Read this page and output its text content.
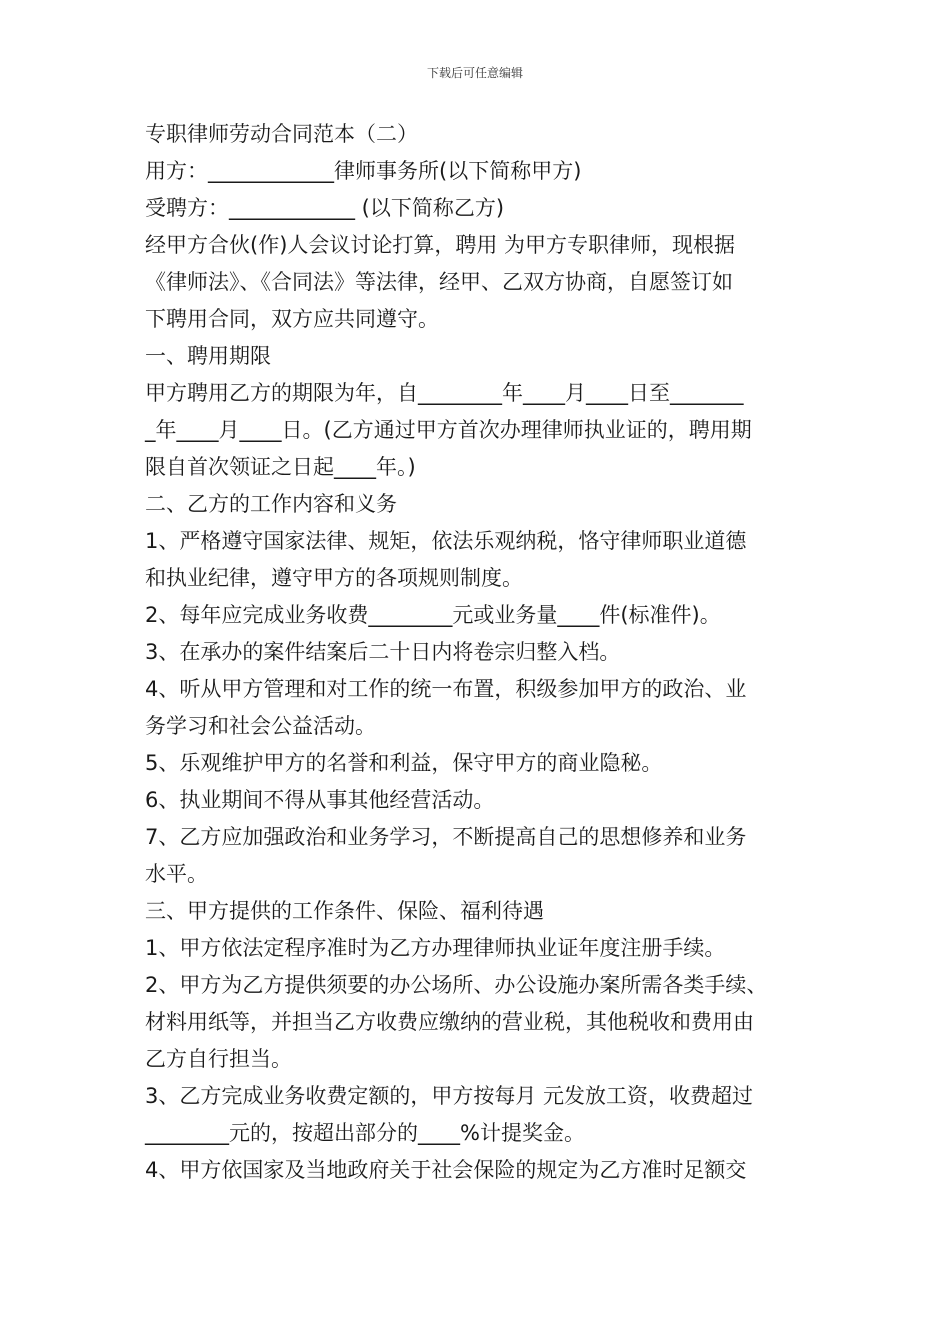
下载后可任意编辑

专职律师劳动合同范本（二）

用方：____________律师事务所(以下简称甲方)

受聘方：____________ (以下简称乙方)

经甲方合伙(作)人会议讨论打算，聘用 为甲方专职律师，现根据

《律师法》、《合同法》等法律，经甲、乙双方协商，自愿签订如

下聘用合同，双方应共同遵守。

一、聘用期限

甲方聘用乙方的期限为年，自________年____月____日至_______

_年____月____日。(乙方通过甲方首次办理律师执业证的，聘用期

限自首次领证之日起____年。)

二、乙方的工作内容和义务

1、严格遵守国家法律、规矩，依法乐观纳税，恪守律师职业道德

和执业纪律，遵守甲方的各项规则制度。

2、每年应完成业务收费________元或业务量____件(标准件)。

3、在承办的案件结案后二十日内将卷宗归整入档。

4、听从甲方管理和对工作的统一布置，积级参加甲方的政治、业

务学习和社会公益活动。

5、乐观维护甲方的名誉和利益，保守甲方的商业隐秘。

6、执业期间不得从事其他经营活动。

7、乙方应加强政治和业务学习，不断提高自己的思想修养和业务

水平。

三、甲方提供的工作条件、保险、福利待遇

1、甲方依法定程序准时为乙方办理律师执业证年度注册手续。

2、甲方为乙方提供须要的办公场所、办公设施办案所需各类手续、

材料用纸等，并担当乙方收费应缴纳的营业税，其他税收和费用由

乙方自行担当。

3、乙方完成业务收费定额的，甲方按每月 元发放工资，收费超过

________元的，按超出部分的____%计提奖金。

4、甲方依国家及当地政府关于社会保险的规定为乙方准时足额交
